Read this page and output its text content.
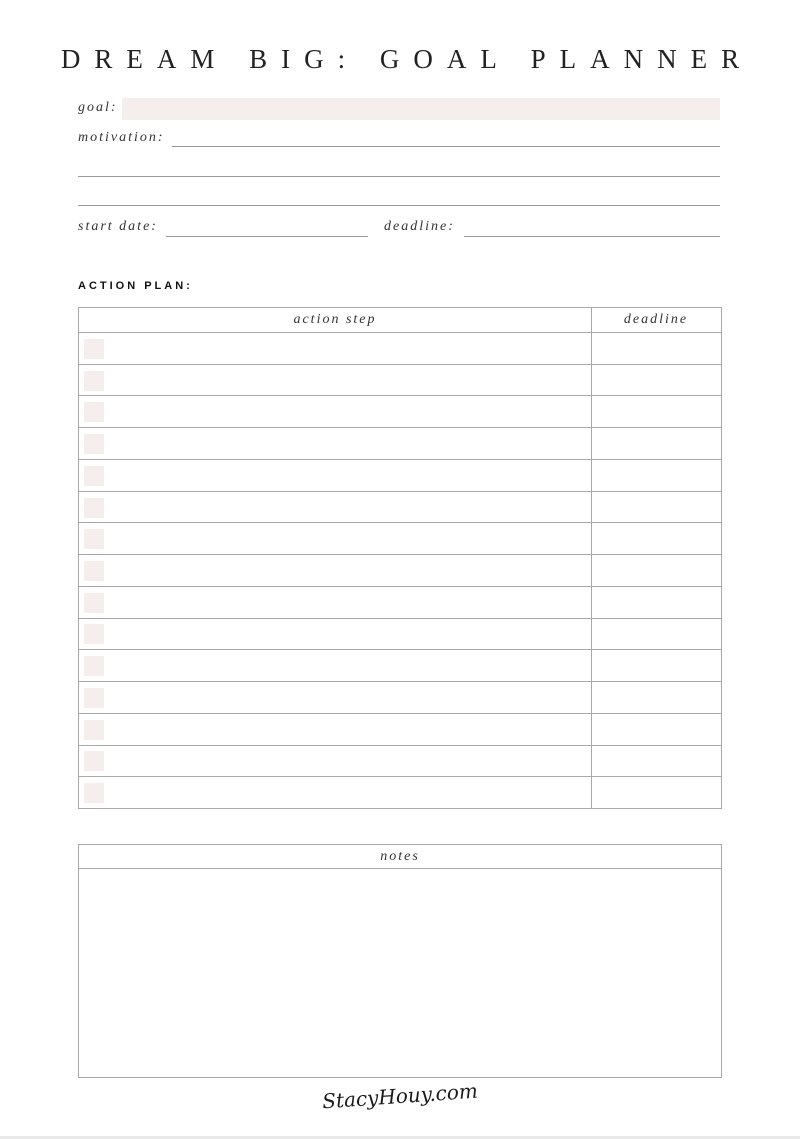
DREAM BIG: GOAL PLANNER
goal:
motivation:
start date:	deadline:
ACTION PLAN:
action step	deadline
notes
StacyHouy.com
